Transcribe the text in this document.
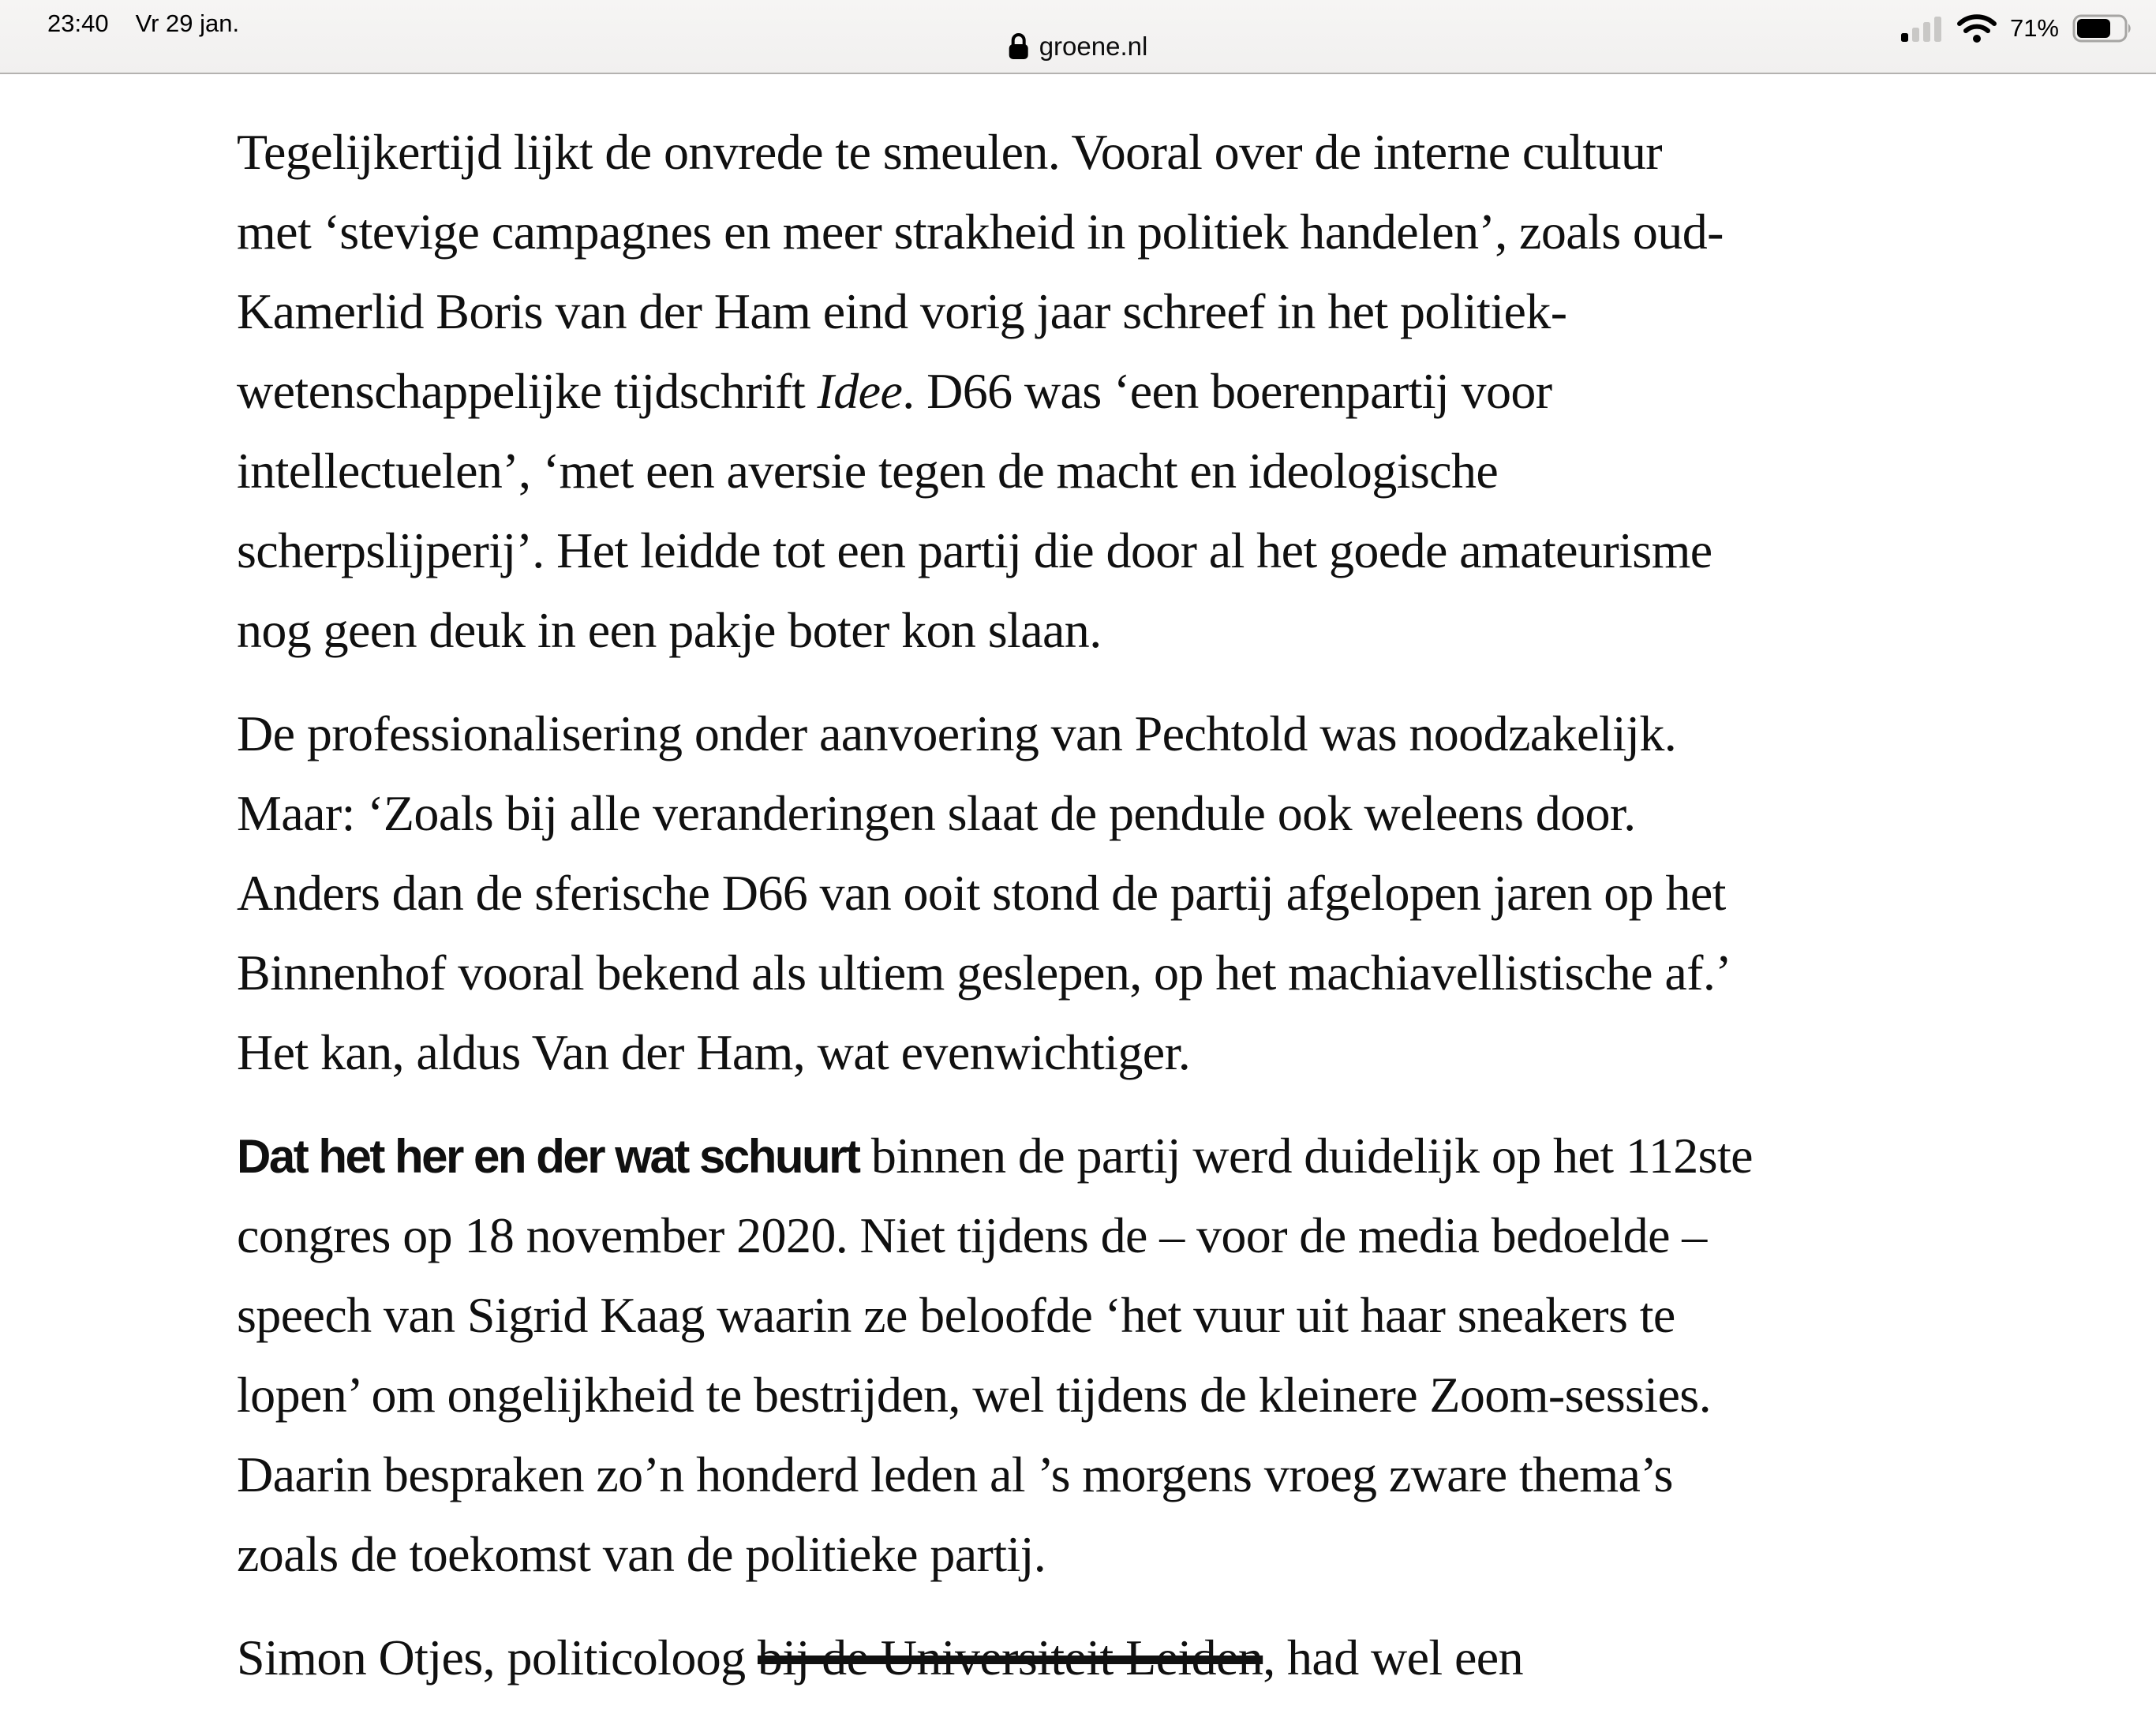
23:40 Vr 29 jan.
groene.nl
71%

Tegelijkertijd lijkt de onvrede te smeulen. Vooral over de interne cultuur
met ‘stevige campagnes en meer strakheid in politiek handelen’, zoals oud-
Kamerlid Boris van der Ham eind vorig jaar schreef in het politiek-
wetenschappelijke tijdschrift Idee. D66 was ‘een boerenpartij voor
intellectuelen’, ‘met een aversie tegen de macht en ideologische
scherpslijperij’. Het leidde tot een partij die door al het goede amateurisme
nog geen deuk in een pakje boter kon slaan.

De professionalisering onder aanvoering van Pechtold was noodzakelijk.
Maar: ‘Zoals bij alle veranderingen slaat de pendule ook weleens door.
Anders dan de sferische D66 van ooit stond de partij afgelopen jaren op het
Binnenhof vooral bekend als ultiem geslepen, op het machiavellistische af.’
Het kan, aldus Van der Ham, wat evenwichtiger.

Dat het her en der wat schuurt binnen de partij werd duidelijk op het 112ste
congres op 18 november 2020. Niet tijdens de – voor de media bedoelde –
speech van Sigrid Kaag waarin ze beloofde ‘het vuur uit haar sneakers te
lopen’ om ongelijkheid te bestrijden, wel tijdens de kleinere Zoom-sessies.
Daarin bespraken zo’n honderd leden al ’s morgens vroeg zware thema’s
zoals de toekomst van de politieke partij.

Simon Otjes, politicoloog bij de Universiteit Leiden, had wel een
